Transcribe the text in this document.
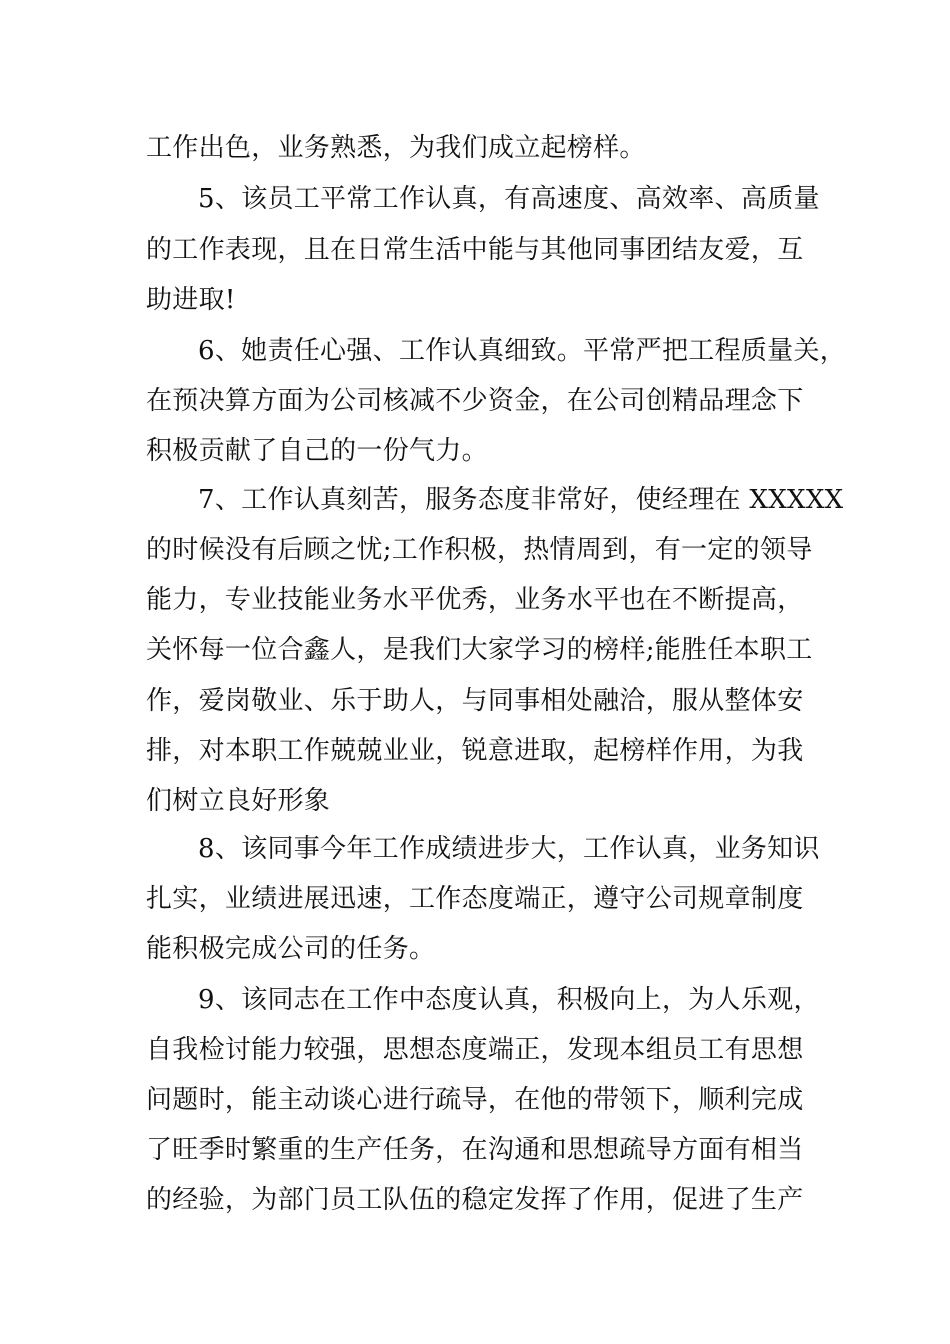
工作出色，业务熟悉，为我们成立起榜样。
5、该员工平常工作认真，有高速度、高效率、高质量
的工作表现，且在日常生活中能与其他同事团结友爱，互
助进取!
6、她责任心强、工作认真细致。平常严把工程质量关，
在预决算方面为公司核减不少资金，在公司创精品理念下
积极贡献了自己的一份气力。
7、工作认真刻苦，服务态度非常好，使经理在 XXXXX
的时候没有后顾之忧;工作积极，热情周到，有一定的领导
能力，专业技能业务水平优秀，业务水平也在不断提高，
关怀每一位合鑫人，是我们大家学习的榜样;能胜任本职工
作，爱岗敬业、乐于助人，与同事相处融洽，服从整体安
排，对本职工作兢兢业业，锐意进取，起榜样作用，为我
们树立良好形象
8、该同事今年工作成绩进步大，工作认真，业务知识
扎实，业绩进展迅速，工作态度端正，遵守公司规章制度
能积极完成公司的任务。
9、该同志在工作中态度认真，积极向上，为人乐观，
自我检讨能力较强，思想态度端正，发现本组员工有思想
问题时，能主动谈心进行疏导，在他的带领下，顺利完成
了旺季时繁重的生产任务，在沟通和思想疏导方面有相当
的经验，为部门员工队伍的稳定发挥了作用，促进了生产
